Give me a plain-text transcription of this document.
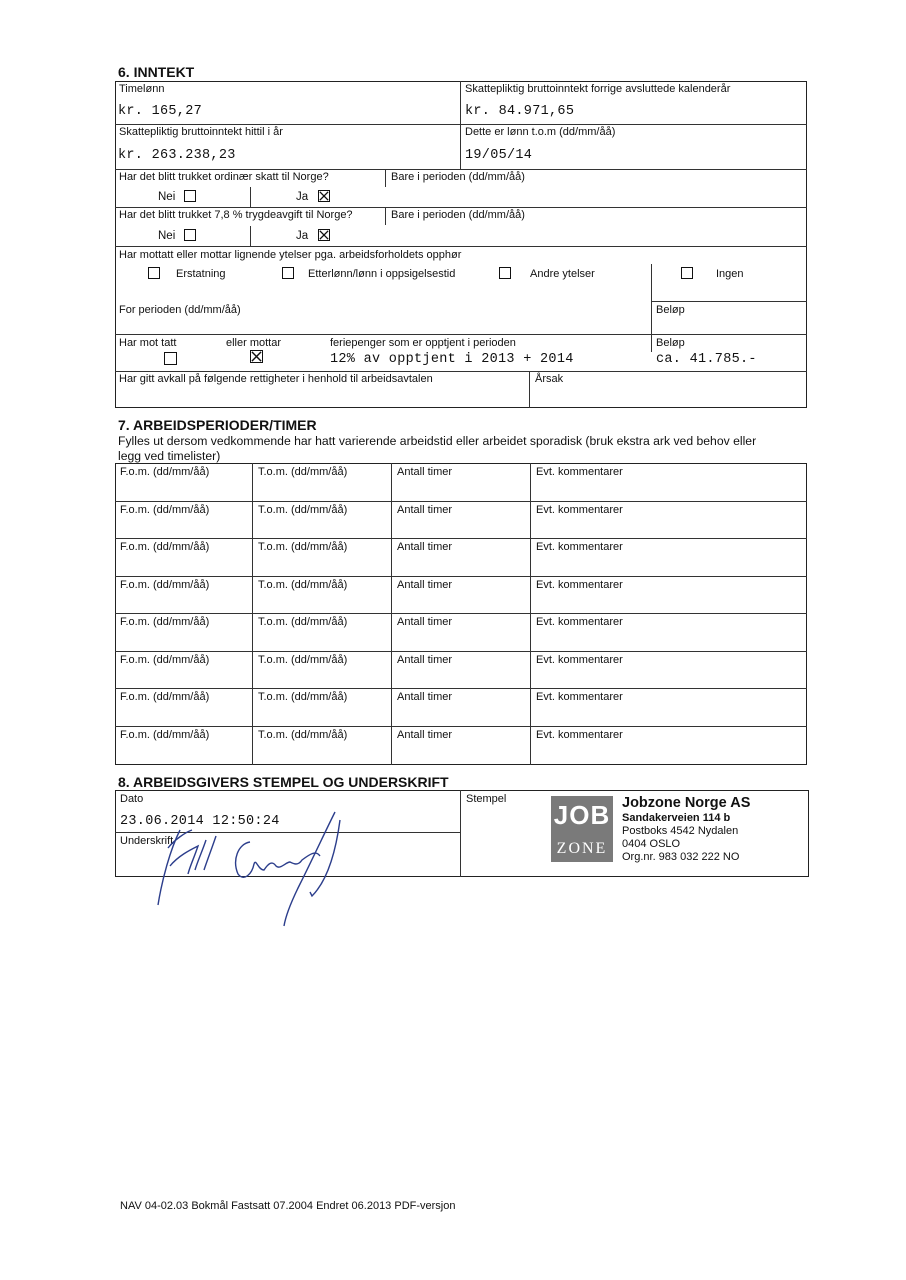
6. INNTEKT
Timelønn
kr. 165,27
Skattepliktig bruttoinntekt forrige avsluttede kalenderår
kr. 84.971,65
Skattepliktig bruttoinntekt hittil i år
kr. 263.238,23
Dette er lønn t.o.m (dd/mm/åå)
19/05/14
Har det blitt trukket ordinær skatt til Norge?	Bare i perioden (dd/mm/åå)
Nei	Ja
Har det blitt trukket 7,8 % trygdeavgift til Norge?	Bare i perioden (dd/mm/åå)
Nei	Ja
Har mottatt eller mottar lignende ytelser pga. arbeidsforholdets opphør
Erstatning	Etterlønn/lønn i oppsigelsestid	Andre ytelser	Ingen
For perioden (dd/mm/åå)	Beløp
Har mot tatt	eller mottar	feriepenger som er opptjent i perioden	Beløp
12% av opptjent i 2013 + 2014	ca. 41.785.-
Har gitt avkall på følgende rettigheter i henhold til arbeidsavtalen	Årsak
7. ARBEIDSPERIODER/TIMER
Fylles ut dersom vedkommende har hatt varierende arbeidstid eller arbeidet sporadisk (bruk ekstra ark ved behov eller
legg ved timelister)
F.o.m. (dd/mm/åå)	T.o.m. (dd/mm/åå)	Antall timer	Evt. kommentarer
F.o.m. (dd/mm/åå)	T.o.m. (dd/mm/åå)	Antall timer	Evt. kommentarer
F.o.m. (dd/mm/åå)	T.o.m. (dd/mm/åå)	Antall timer	Evt. kommentarer
F.o.m. (dd/mm/åå)	T.o.m. (dd/mm/åå)	Antall timer	Evt. kommentarer
F.o.m. (dd/mm/åå)	T.o.m. (dd/mm/åå)	Antall timer	Evt. kommentarer
F.o.m. (dd/mm/åå)	T.o.m. (dd/mm/åå)	Antall timer	Evt. kommentarer
F.o.m. (dd/mm/åå)	T.o.m. (dd/mm/åå)	Antall timer	Evt. kommentarer
F.o.m. (dd/mm/åå)	T.o.m. (dd/mm/åå)	Antall timer	Evt. kommentarer
8. ARBEIDSGIVERS STEMPEL OG UNDERSKRIFT
Dato
23.06.2014 12:50:24
Underskrift
Stempel
JOB
ZONE
Jobzone Norge AS
Sandakerveien 114 b
Postboks 4542 Nydalen
0404 OSLO
Org.nr. 983 032 222 NO
NAV 04-02.03 Bokmål Fastsatt 07.2004 Endret 06.2013 PDF-versjon
